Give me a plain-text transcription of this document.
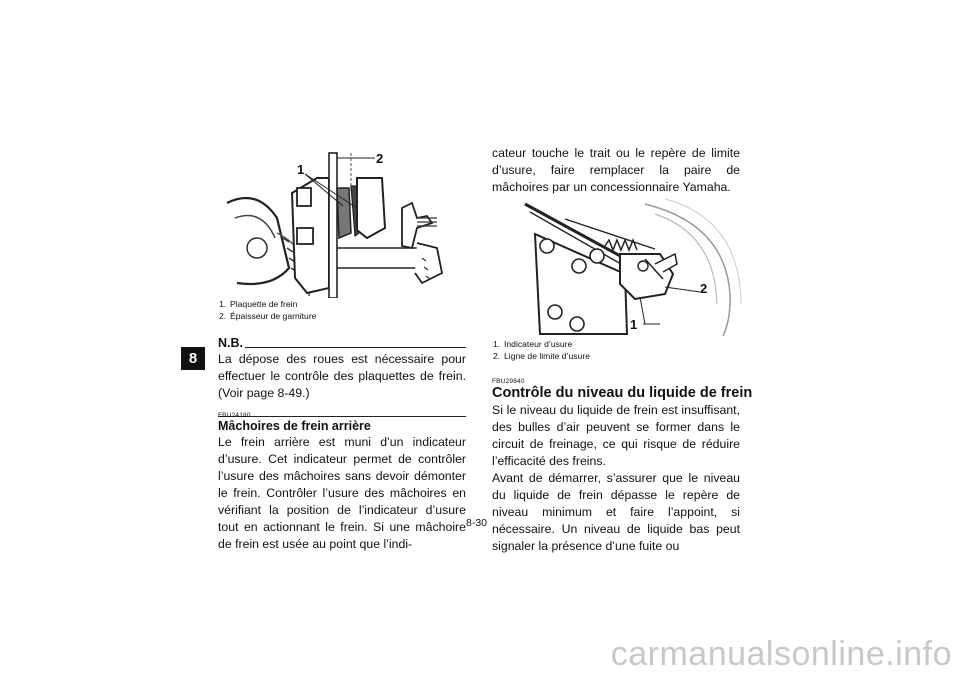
8
1
2

1. Plaquette de frein

2. Épaisseur de garniture

N.B.

La dépose des roues est nécessaire pour effectuer le contrôle des plaquettes de frein. (Voir page 8-49.)

FBU24180
Mâchoires de frein arrière

Le frein arrière est muni d’un indicateur d’usure. Cet indicateur permet de contrôler l’usure des mâchoires sans devoir démonter le frein. Contrôler l’usure des mâchoires en vérifiant la position de l’indicateur d’usure tout en actionnant le frein. Si une mâchoire de frein est usée au point que l’indi-

cateur touche le trait ou le repère de limite d’usure, faire remplacer la paire de mâchoires par un concessionnaire Yamaha.

2
1

1. Indicateur d’usure

2. Ligne de limite d’usure

FBU29840
Contrôle du niveau du liquide de frein

Si le niveau du liquide de frein est insuffisant, des bulles d’air peuvent se former dans le circuit de freinage, ce qui risque de réduire l’efficacité des freins.

Avant de démarrer, s’assurer que le niveau du liquide de frein dépasse le repère de niveau minimum et faire l’appoint, si nécessaire. Un niveau de liquide bas peut signaler la présence d’une fuite ou

8-30
carmanualsonline.info
